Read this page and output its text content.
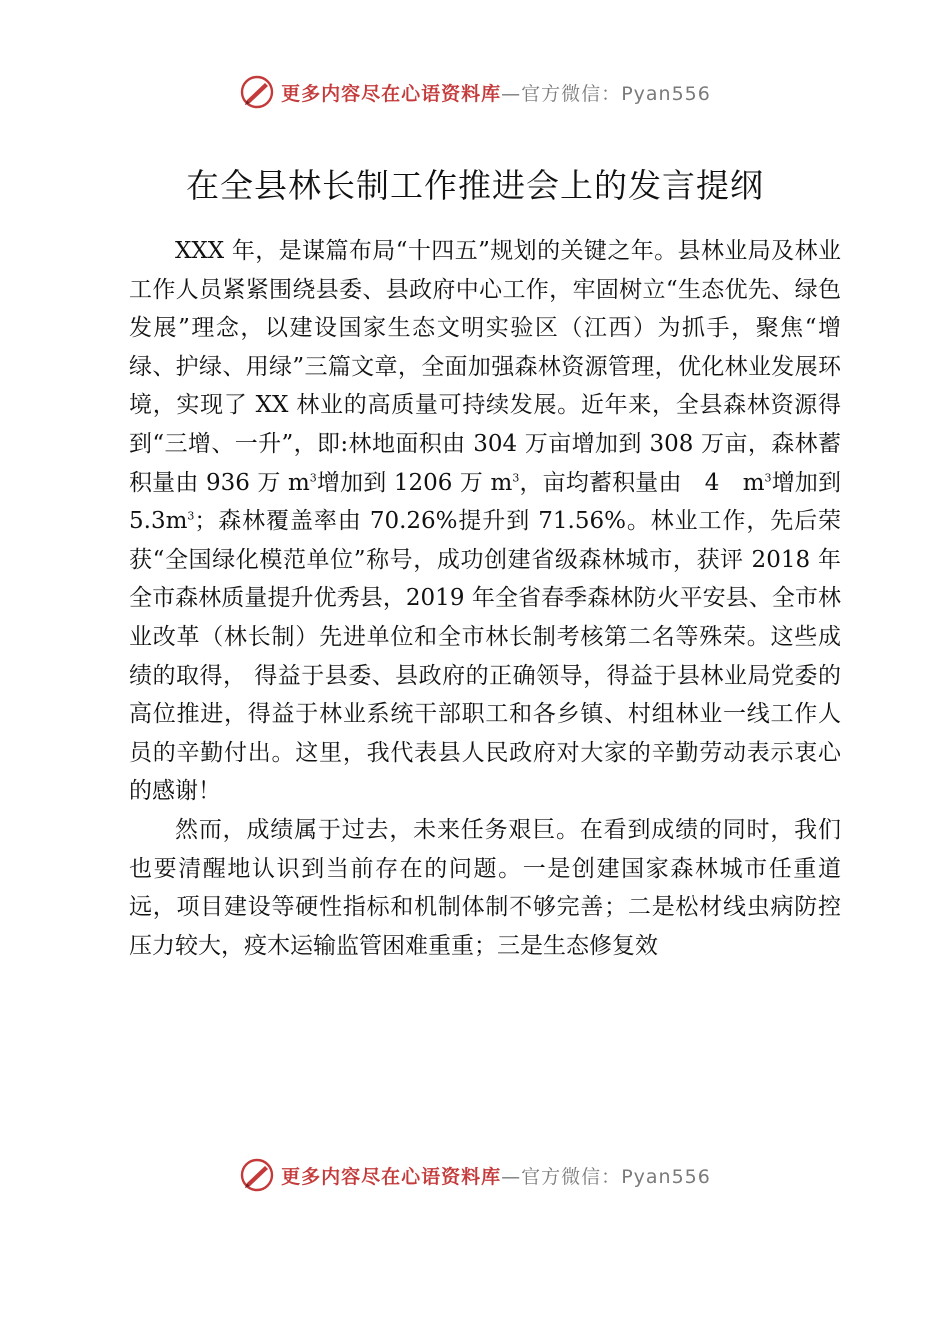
更多内容尽在心语资料库—官方微信：Pyan556
在全县林长制工作推进会上的发言提纲

XXX 年，是谋篇布局“十四五”规划的关键之年。县林业局及林业工作人员紧紧围绕县委、县政府中心工作，牢固树立“生态优先、绿色发展”理念，以建设国家生态文明实验区（江西）为抓手，聚焦“增绿、护绿、用绿”三篇文章，全面加强森林资源管理，优化林业发展环境，实现了 XX 林业的高质量可持续发展。近年来，全县森林资源得到“三增、一升”，即:林地面积由 304 万亩增加到 308 万亩，森林蓄积量由 936 万 $m^3$增加到 1206 万 $m^3$，亩均蓄积量由　4　$m^3$增加到 $5.3m^3$；森林覆盖率由 70.26%提升到 71.56%。林业工作，先后荣获“全国绿化模范单位”称号，成功创建省级森林城市，获评 2018 年全市森林质量提升优秀县，2019 年全省春季森林防火平安县、全市林业改革（林长制）先进单位和全市林长制考核第二名等殊荣。这些成绩的取得， 得益于县委、县政府的正确领导，得益于县林业局党委的高位推进，得益于林业系统干部职工和各乡镇、村组林业一线工作人员的辛勤付出。这里，我代表县人民政府对大家的辛勤劳动表示衷心的感谢！

然而，成绩属于过去，未来任务艰巨。在看到成绩的同时，我们也要清醒地认识到当前存在的问题。一是创建国家森林城市任重道远，项目建设等硬性指标和机制体制不够完善；二是松材线虫病防控压力较大，疫木运输监管困难重重；三是生态修复效

更多内容尽在心语资料库—官方微信：Pyan556
